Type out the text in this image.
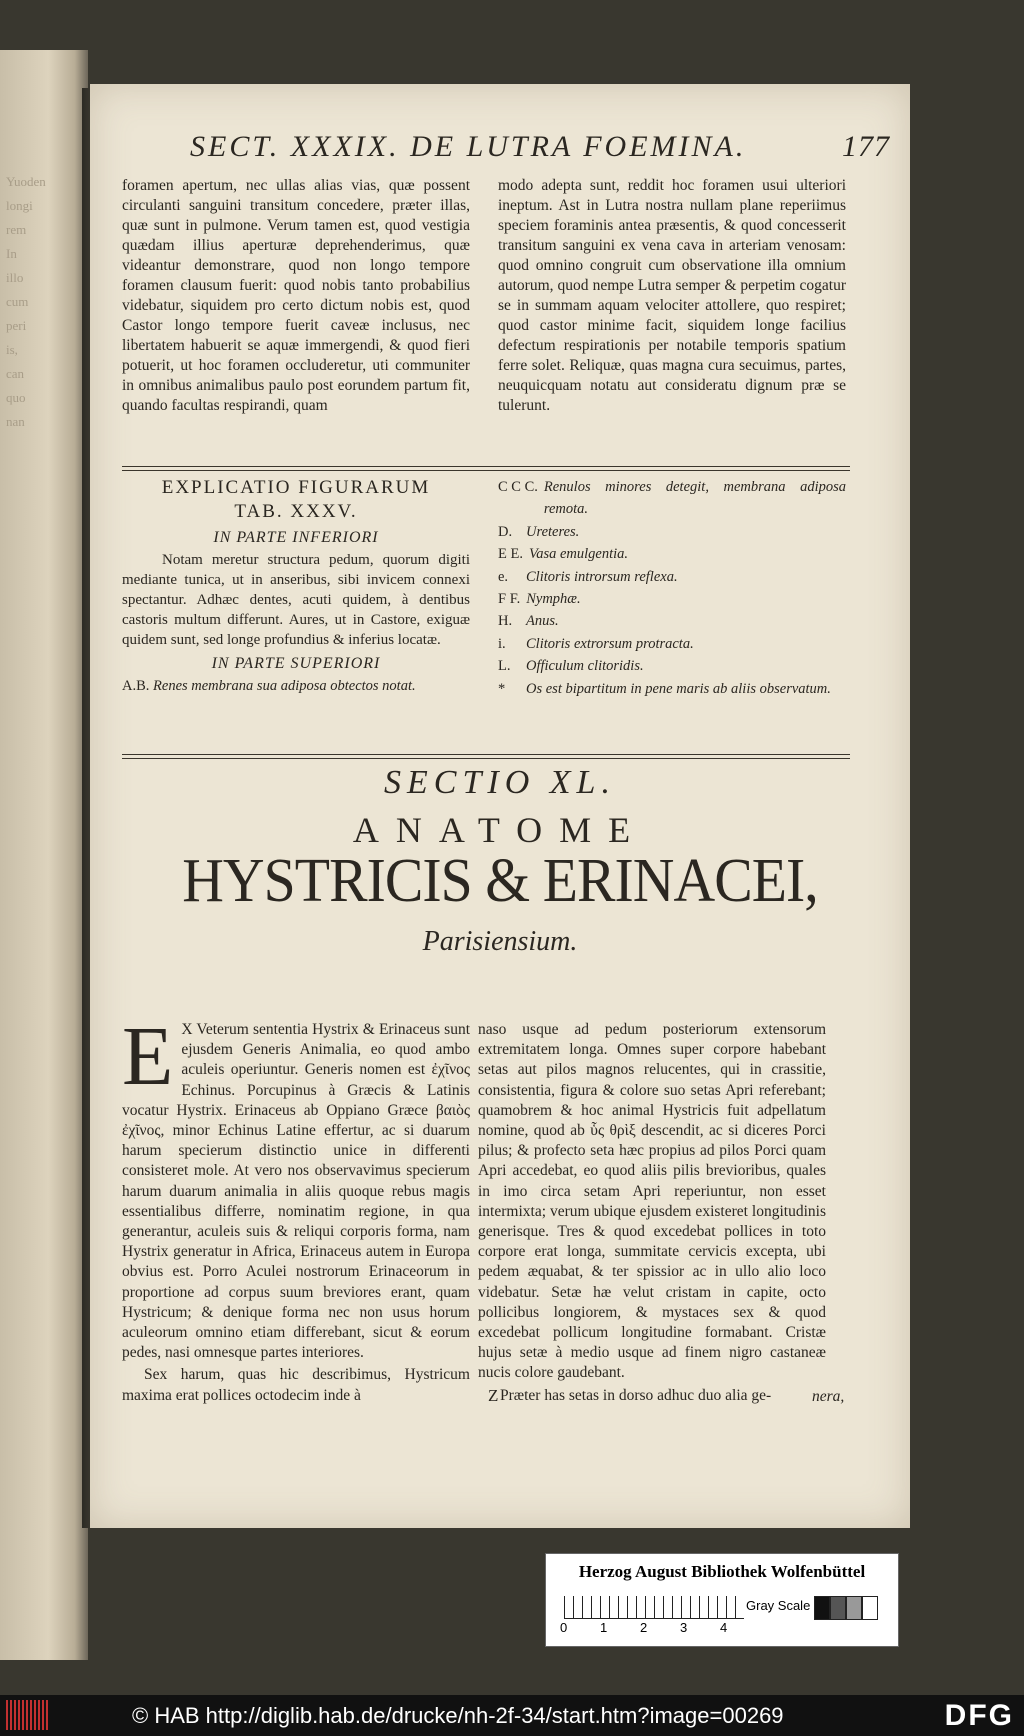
Yuoden
longi
rem
In
illo
cum
peri
is,
can
quo
nan
SECT. XXXIX. DE LUTRA FOEMINA.	177

foramen apertum, nec ullas alias vias, quæ possent circulanti sanguini transitum concedere, præter illas, quæ sunt in pulmone. Verum tamen est, quod vestigia quædam illius aperturæ deprehenderimus, quæ videantur demonstrare, quod non longo tempore foramen clausum fuerit: quod nobis tanto probabilius videbatur, siquidem pro certo dictum nobis est, quod Castor longo tempore fuerit caveæ inclusus, nec libertatem habuerit se aquæ immergendi, & quod fieri potuerit, ut hoc foramen occluderetur, uti communiter in omnibus animalibus paulo post eorundem partum fit, quando facultas respirandi, quam

modo adepta sunt, reddit hoc foramen usui ulteriori ineptum. Ast in Lutra nostra nullam plane reperiimus speciem foraminis antea præsentis, & quod concesserit transitum sanguini ex vena cava in arteriam venosam: quod omnino congruit cum observatione illa omnium autorum, quod nempe Lutra semper & perpetim cogatur se in summam aquam velociter attollere, quo respiret; quod castor minime facit, siquidem longe facilius defectum respirationis per notabile temporis spatium ferre solet. Reliquæ, quas magna cura secuimus, partes, neuquicquam notatu aut consideratu dignum præ se tulerunt.

EXPLICATIO FIGURARUM
TAB. XXXV.
IN PARTE INFERIORI
Notam meretur structura pedum, quorum digiti mediante tunica, ut in anseribus, sibi invicem connexi spectantur. Adhæc dentes, acuti quidem, à dentibus castoris multum differunt. Aures, ut in Castore, exiguæ quidem sunt, sed longe profundius & inferius locatæ.
IN PARTE SUPERIORI
A.B. Renes membrana sua adiposa obtectos notat.
C C C. Renulos minores detegit, membrana adiposa remota.
D. Ureteres.
E E. Vasa emulgentia.
e.	Clitoris introrsum reflexa.
F F. Nymphæ.
H. Anus.
i.	Clitoris extrorsum protracta.
L.	Officulum clitoridis.
*	Os est bipartitum in pene maris ab aliis observatum.
SECTIO XL.
ANATOME
HYSTRICIS & ERINACEI,
Parisiensium.
E X Veterum sententia Hystrix & Erinaceus sunt ejusdem Generis Animalia, eo quod ambo aculeis operiuntur. Generis nomen est ἐχῖνος Echinus. Porcupinus à Græcis & Latinis vocatur Hystrix. Erinaceus ab Oppiano Græce βαιὸς ἐχῖνος, minor Echinus Latine effertur, ac si duarum harum specierum distinctio unice in differenti consisteret mole. At vero nos observavimus specierum harum duarum animalia in aliis quoque rebus magis essentialibus differre, nominatim regione, in qua generantur, aculeis suis & reliqui corporis forma, nam Hystrix generatur in Africa, Erinaceus autem in Europa obvius est. Porro Aculei nostrorum Erinaceorum in proportione ad corpus suum breviores erant, quam Hystricum; & denique forma nec non usus horum aculeorum omnino etiam differebant, sicut & eorum pedes, nasi omnesque partes interiores.

Sex harum, quas hic describimus, Hystricum maxima erat pollices octodecim inde à

naso usque ad pedum posteriorum extensorum extremitatem longa. Omnes super corpore habebant setas aut pilos magnos relucentes, qui in crassitie, consistentia, figura & colore suo setas Apri referebant; quamobrem & hoc animal Hystricis fuit adpellatum nomine, quod ab ὗς θρὶξ descendit, ac si diceres Porci pilus; & profecto seta hæc propius ad pilos Porci quam Apri accedebat, eo quod aliis pilis brevioribus, quales in imo circa setam Apri reperiuntur, non esset intermixta; verum ubique ejusdem existeret longitudinis generisque. Tres & quod excedebat pollices in toto corpore erat longa, summitate cervicis excepta, ubi pedem æquabat, & ter spissior ac in ullo alio loco videbatur. Setæ hæ velut cristam in capite, octo pollicibus longiorem, & mystaces sex & quod excedebat pollicum longitudine formabant. Cristæ hujus setæ à medio usque ad finem nigro castaneæ nucis colore gaudebant.

Præter has setas in dorso adhuc duo alia ge-

Z	nera,
Herzog August Bibliothek Wolfenbüttel
0	1	2	3	4
Gray Scale
© HAB http://diglib.hab.de/drucke/nh-2f-34/start.htm?image=00269	DFG
